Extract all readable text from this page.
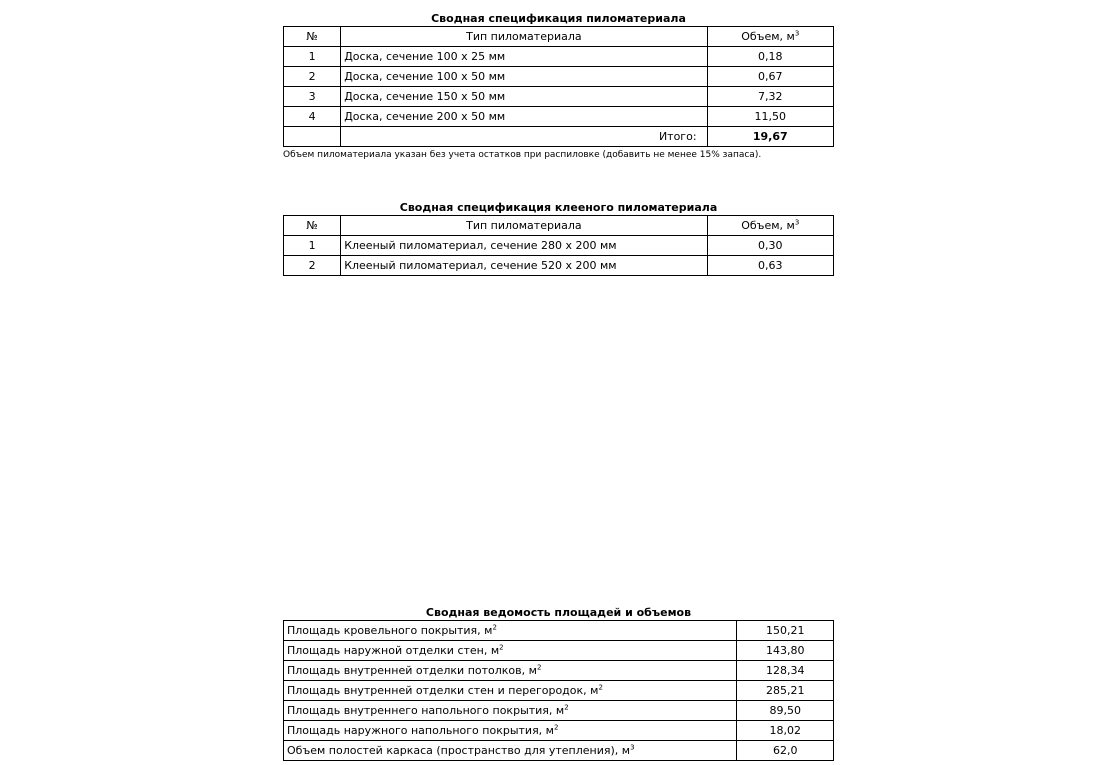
Сводная спецификация пиломатериала
№	Тип пиломатериала	Объем, $м^3$
1	Доска, сечение 100 х 25 мм	0,18
2	Доска, сечение 100 х 50 мм	0,67
3	Доска, сечение 150 х 50 мм	7,32
4	Доска, сечение 200 х 50 мм	11,50
	Итого:	19,67
Объем пиломатериала указан без учета остатков при распиловке (добавить не менее 15% запаса).
Сводная спецификация клееного пиломатериала
№	Тип пиломатериала	Объем, $м^3$
1	Клееный пиломатериал, сечение 280 х 200 мм	0,30
2	Клееный пиломатериал, сечение 520 х 200 мм	0,63
Сводная ведомость площадей и объемов
Площадь кровельного покрытия, $м^2$	150,21
Площадь наружной отделки стен, $м^2$	143,80
Площадь внутренней отделки потолков, $м^2$	128,34
Площадь внутренней отделки стен и перегородок, $м^2$	285,21
Площадь внутреннего напольного покрытия, $м^2$	89,50
Площадь наружного напольного покрытия, $м^2$	18,02
Объем полостей каркаса (пространство для утепления), $м^3$	62,0
